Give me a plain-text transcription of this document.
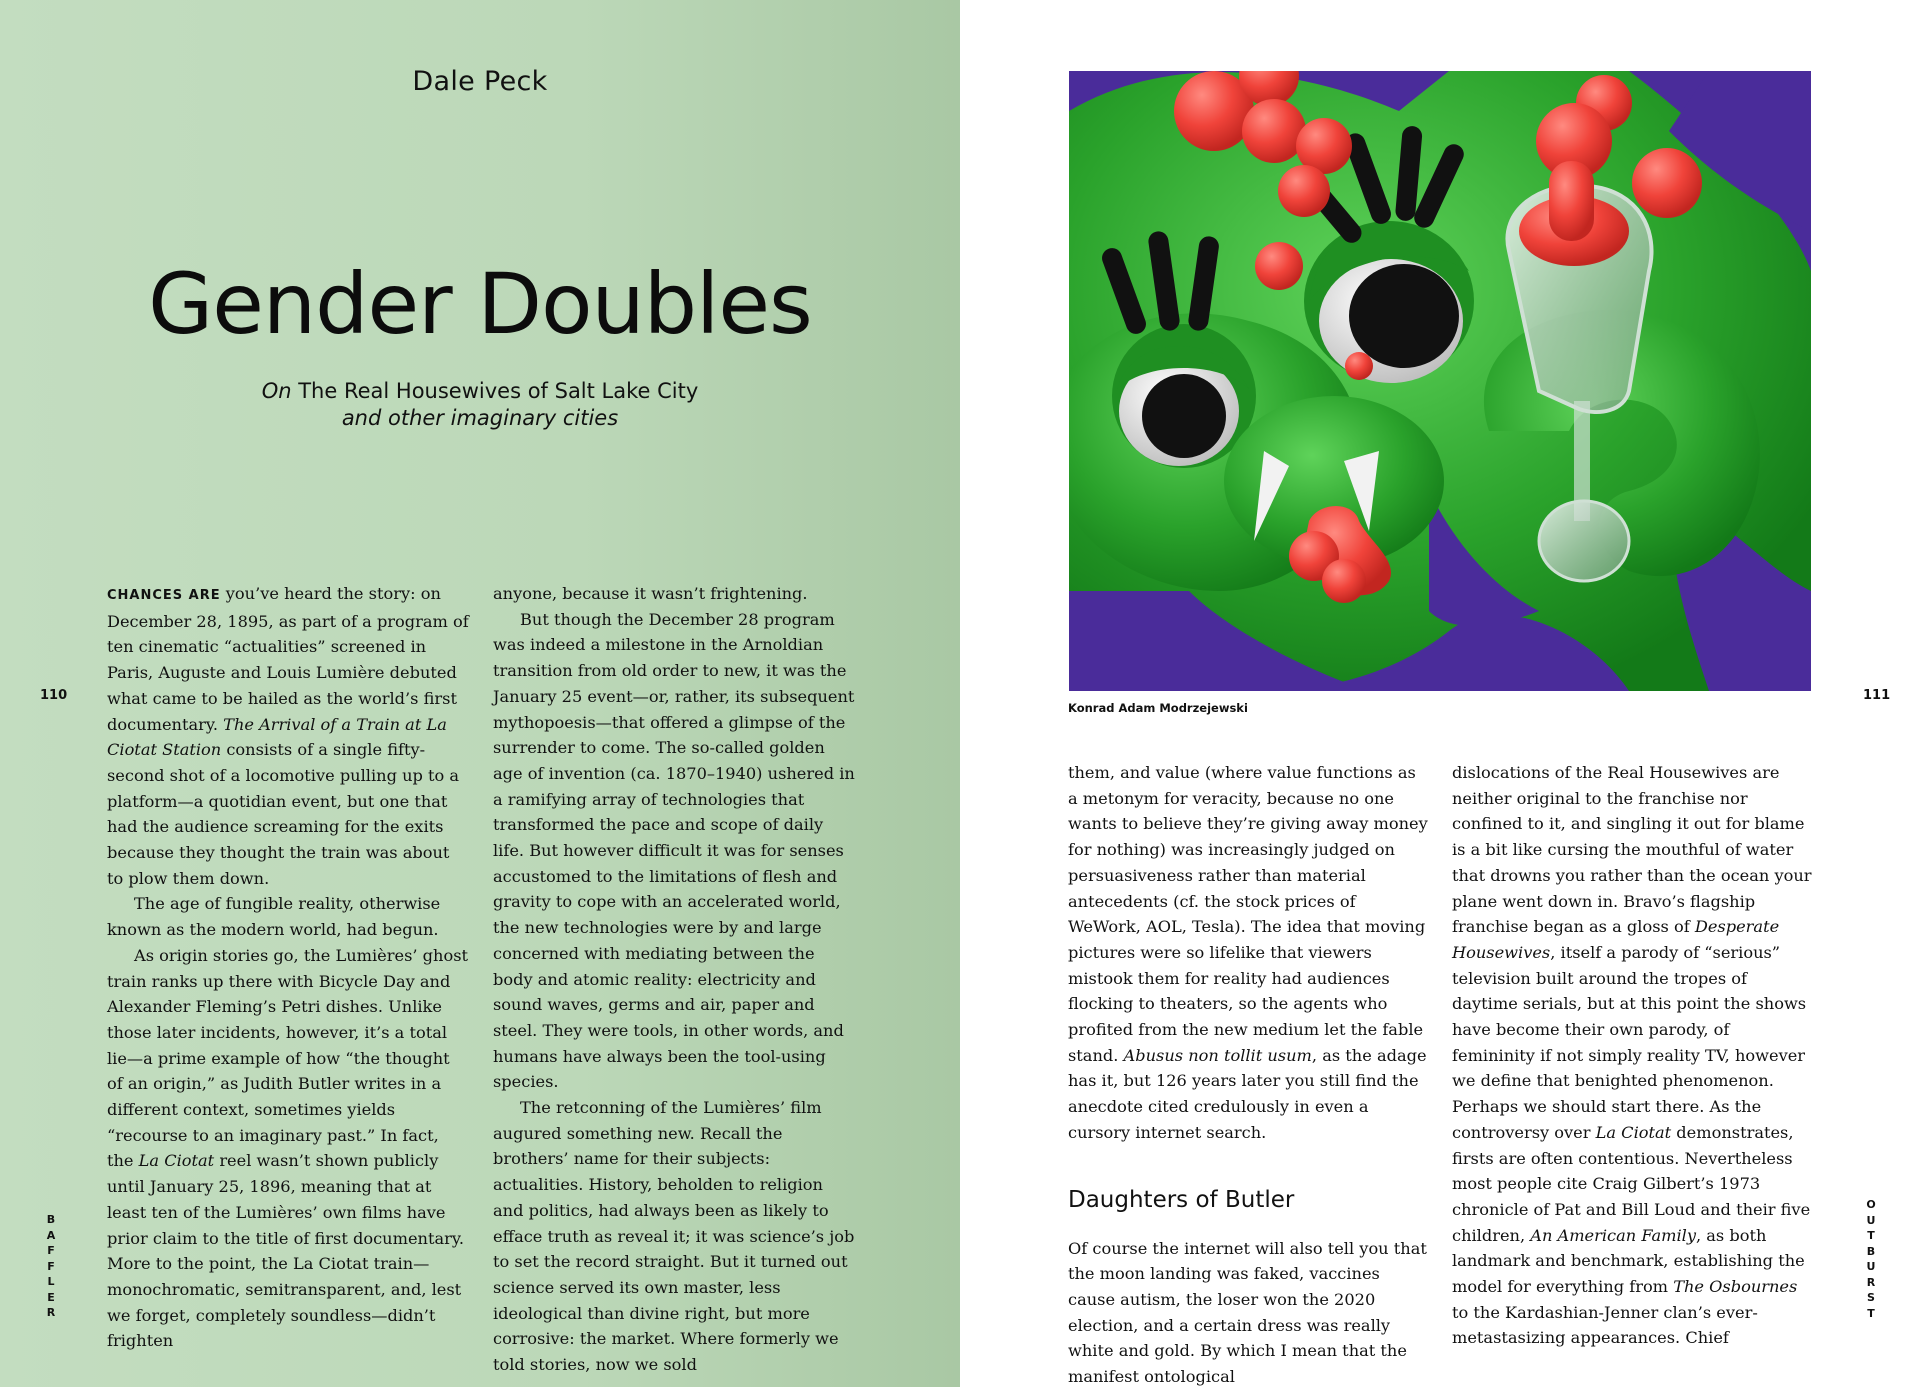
Dale Peck
Gender Doubles
On The Real Housewives of Salt Lake City
and other imaginary cities
110
B
A
F
F
L
E
R

CHANCES ARE you’ve heard the story: on December 28, 1895, as part of a program of ten cinematic “actualities” screened in Paris, Auguste and Louis Lumière debuted what came to be hailed as the world’s first documentary. The Arrival of a Train at La Ciotat Station consists of a single fifty-second shot of a locomotive pulling up to a platform—a quotidian event, but one that had the audience screaming for the exits because they thought the train was about to plow them down.

The age of fungible reality, otherwise known as the modern world, had begun.

As origin stories go, the Lumières’ ghost train ranks up there with Bicycle Day and Alexander Fleming’s Petri dishes. Unlike those later incidents, however, it’s a total lie—a prime example of how “the thought of an origin,” as Judith Butler writes in a different context, sometimes yields “recourse to an imaginary past.” In fact, the La Ciotat reel wasn’t shown publicly until January 25, 1896, meaning that at least ten of the Lumières’ own films have prior claim to the title of first documentary. More to the point, the La Ciotat train—monochromatic, semitransparent, and, lest we forget, completely soundless—didn’t frighten

anyone, because it wasn’t frightening.

But though the December 28 program was indeed a milestone in the Arnoldian transition from old order to new, it was the January 25 event—or, rather, its subsequent mythopoesis—that offered a glimpse of the surrender to come. The so-called golden age of invention (ca. 1870–1940) ushered in a ramifying array of technologies that transformed the pace and scope of daily life. But however difficult it was for senses accustomed to the limitations of flesh and gravity to cope with an accelerated world, the new technologies were by and large concerned with mediating between the body and atomic reality: electricity and sound waves, germs and air, paper and steel. They were tools, in other words, and humans have always been the tool-using species.

The retconning of the Lumières’ film augured something new. Recall the brothers’ name for their subjects: actualities. History, beholden to religion and politics, had always been as likely to efface truth as reveal it; it was science’s job to set the record straight. But it turned out science served its own master, less ideological than divine right, but more corrosive: the market. Where formerly we told stories, now we sold

Konrad Adam Modrzejewski
111
O
U
T
B
U
R
S
T

them, and value (where value functions as a metonym for veracity, because no one wants to believe they’re giving away money for nothing) was increasingly judged on persuasiveness rather than material antecedents (cf. the stock prices of WeWork, AOL, Tesla). The idea that moving pictures were so lifelike that viewers mistook them for reality had audiences flocking to theaters, so the agents who profited from the new medium let the fable stand. Abusus non tollit usum, as the adage has it, but 126 years later you still find the anecdote cited credulously in even a cursory internet search.

Daughters of Butler

Of course the internet will also tell you that the moon landing was faked, vaccines cause autism, the loser won the 2020 election, and a certain dress was really white and gold. By which I mean that the manifest ontological

dislocations of the Real Housewives are neither original to the franchise nor confined to it, and singling it out for blame is a bit like cursing the mouthful of water that drowns you rather than the ocean your plane went down in. Bravo’s flagship franchise began as a gloss of Desperate Housewives, itself a parody of “serious” television built around the tropes of daytime serials, but at this point the shows have become their own parody, of femininity if not simply reality TV, however we define that benighted phenomenon. Perhaps we should start there. As the controversy over La Ciotat demonstrates, firsts are often contentious. Nevertheless most people cite Craig Gilbert’s 1973 chronicle of Pat and Bill Loud and their five children, An American Family, as both landmark and benchmark, establishing the model for everything from The Osbournes to the Kardashian-Jenner clan’s ever-metastasizing appearances. Chief
